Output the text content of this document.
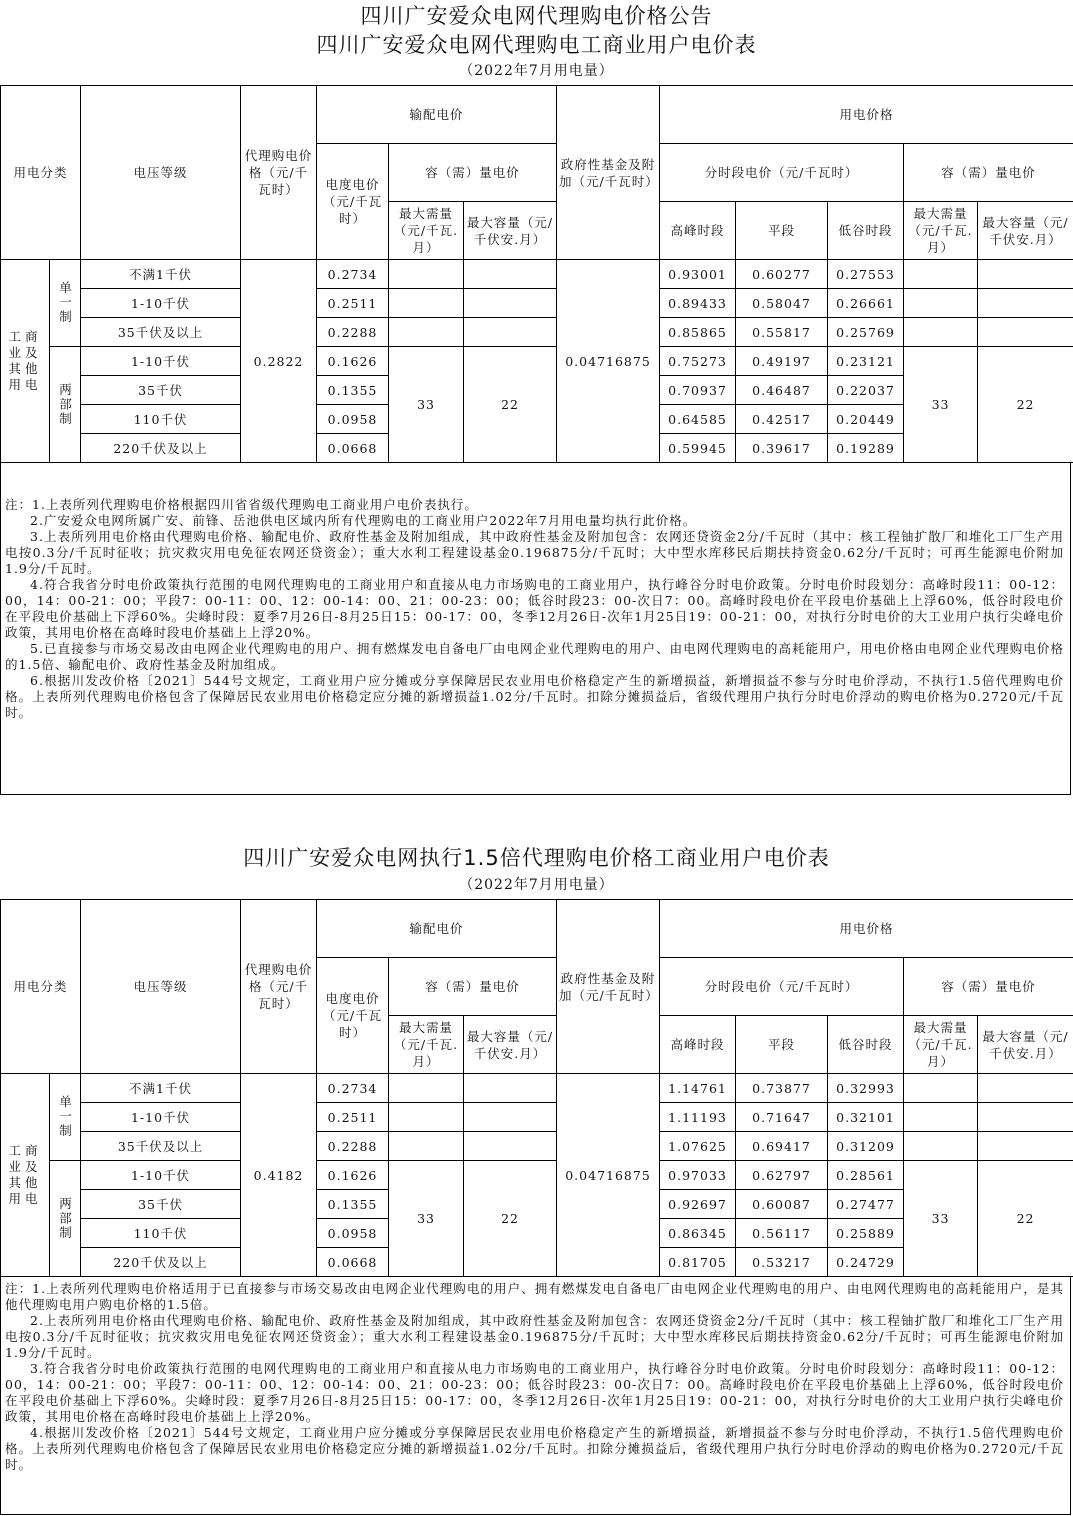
四川广安爱众电网代理购电价格公告
四川广安爱众电网代理购电工商业用户电价表
（2022年7月用电量）
用电分类		电压等级	代理购电价格（元/千瓦时）	输配电价			政府性基金及附加（元/千瓦时）	用电价格				
				电度电价（元/千瓦时）	容（需）量电价			分时段电价（元/千瓦时）			容（需）量电价	
					最大需量（元/千瓦.月）	最大容量（元/千伏安.月）		高峰时段	平段	低谷时段	最大需量（元/千瓦.月）	最大容量（元/千伏安.月）

工商业及其他用电	单一制	不满1千伏	0.2822	0.2734			0.04716875	0.93001	0.60277	0.27553		
		1-10千伏		0.2511				0.89433	0.58047	0.26661		
		35千伏及以上		0.2288				0.85865	0.55817	0.25769		

	两部制	1-10千伏		0.1626	33	22		0.75273	0.49197	0.23121	33	22
		35千伏		0.1355				0.70937	0.46487	0.22037		
		110千伏		0.0958				0.64585	0.42517	0.20449		
		220千伏及以上		0.0668				0.59945	0.39617	0.19289		

注：1.上表所列代理购电价格根据四川省省级代理购电工商业用户电价表执行。

2.广安爱众电网所属广安、前锋、岳池供电区域内所有代理购电的工商业用户2022年7月用电量均执行此价格。

3.上表所列用电价格由代理购电价格、输配电价、政府性基金及附加组成，其中政府性基金及附加包含：农网还贷资金2分/千瓦时（其中：核工程铀扩散厂和堆化工厂生产用电按0.3分/千瓦时征收；抗灾救灾用电免征农网还贷资金）；重大水利工程建设基金0.196875分/千瓦时；大中型水库移民后期扶持资金0.62分/千瓦时；可再生能源电价附加1.9分/千瓦时。

4.符合我省分时电价政策执行范围的电网代理购电的工商业用户和直接从电力市场购电的工商业用户，执行峰谷分时电价政策。分时电价时段划分：高峰时段11：00-12：00，14：00-21：00；平段7：00-11：00、12：00-14：00、21：00-23：00；低谷时段23：00-次日7：00。高峰时段电价在平段电价基础上上浮60%，低谷时段电价在平段电价基础上下浮60%。尖峰时段：夏季7月26日-8月25日15：00-17：00，冬季12月26日-次年1月25日19：00-21：00，对执行分时电价的大工业用户执行尖峰电价政策，其用电价格在高峰时段电价基础上上浮20%。

5.已直接参与市场交易改由电网企业代理购电的用户、拥有燃煤发电自备电厂由电网企业代理购电的用户、由电网代理购电的高耗能用户，用电价格由电网企业代理购电价格的1.5倍、输配电价、政府性基金及附加组成。

6.根据川发改价格〔2021〕544号文规定，工商业用户应分摊或分享保障居民农业用电价格稳定产生的新增损益，新增损益不参与分时电价浮动，不执行1.5倍代理购电价格。上表所列代理购电价格包含了保障居民农业用电价格稳定应分摊的新增损益1.02分/千瓦时。扣除分摊损益后，省级代理用户执行分时电价浮动的购电价格为0.2720元/千瓦时。

四川广安爱众电网执行1.5倍代理购电价格工商业用户电价表
（2022年7月用电量）
用电分类		电压等级	代理购电价格（元/千瓦时）	输配电价			政府性基金及附加（元/千瓦时）	用电价格				
				电度电价（元/千瓦时）	容（需）量电价			分时段电价（元/千瓦时）			容（需）量电价	
					最大需量（元/千瓦.月）	最大容量（元/千伏安.月）		高峰时段	平段	低谷时段	最大需量（元/千瓦.月）	最大容量（元/千伏安.月）

工商业及其他用电	单一制	不满1千伏	0.4182	0.2734			0.04716875	1.14761	0.73877	0.32993		
		1-10千伏		0.2511				1.11193	0.71647	0.32101		
		35千伏及以上		0.2288				1.07625	0.69417	0.31209		

	两部制	1-10千伏		0.1626	33	22		0.97033	0.62797	0.28561	33	22
		35千伏		0.1355				0.92697	0.60087	0.27477		
		110千伏		0.0958				0.86345	0.56117	0.25889		
		220千伏及以上		0.0668				0.81705	0.53217	0.24729		

注：1.上表所列代理购电价格适用于已直接参与市场交易改由电网企业代理购电的用户、拥有燃煤发电自备电厂由电网企业代理购电的用户、由电网代理购电的高耗能用户，是其他代理购电用户购电价格的1.5倍。

2.上表所列用电价格由代理购电价格、输配电价、政府性基金及附加组成，其中政府性基金及附加包含：农网还贷资金2分/千瓦时（其中：核工程铀扩散厂和堆化工厂生产用电按0.3分/千瓦时征收；抗灾救灾用电免征农网还贷资金）；重大水利工程建设基金0.196875分/千瓦时；大中型水库移民后期扶持资金0.62分/千瓦时；可再生能源电价附加1.9分/千瓦时。

3.符合我省分时电价政策执行范围的电网代理购电的工商业用户和直接从电力市场购电的工商业用户，执行峰谷分时电价政策。分时电价时段划分：高峰时段11：00-12：00，14：00-21：00；平段7：00-11：00、12：00-14：00、21：00-23：00；低谷时段23：00-次日7：00。高峰时段电价在平段电价基础上上浮60%，低谷时段电价在平段电价基础上下浮60%。尖峰时段：夏季7月26日-8月25日15：00-17：00，冬季12月26日-次年1月25日19：00-21：00，对执行分时电价的大工业用户执行尖峰电价政策，其用电价格在高峰时段电价基础上上浮20%。

4.根据川发改价格〔2021〕544号文规定，工商业用户应分摊或分享保障居民农业用电价格稳定产生的新增损益，新增损益不参与分时电价浮动，不执行1.5倍代理购电价格。上表所列代理购电价格包含了保障居民农业用电价格稳定应分摊的新增损益1.02分/千瓦时。扣除分摊损益后，省级代理用户执行分时电价浮动的购电价格为0.2720元/千瓦时。
